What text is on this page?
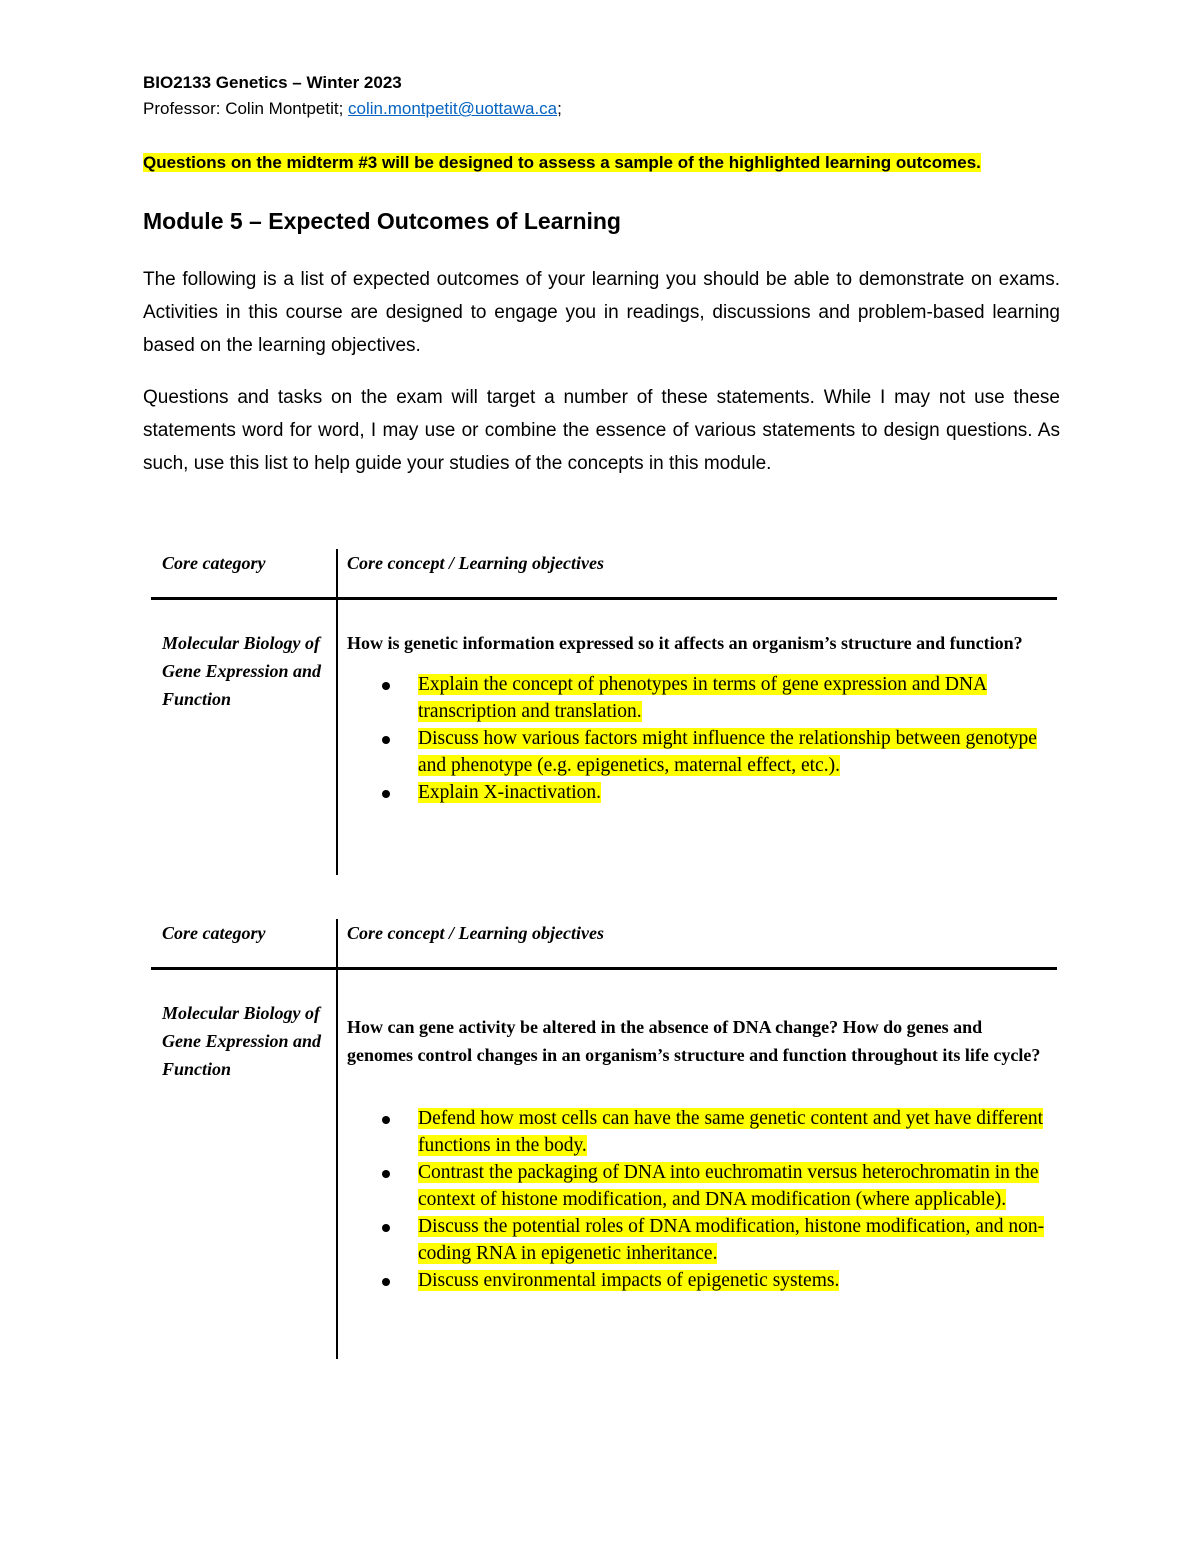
BIO2133 Genetics – Winter 2023

Professor: Colin Montpetit; colin.montpetit@uottawa.ca;

Questions on the midterm #3 will be designed to assess a sample of the highlighted learning outcomes.
Module 5 – Expected Outcomes of Learning

The following is a list of expected outcomes of your learning you should be able to demonstrate on exams. Activities in this course are designed to engage you in readings, discussions and problem-based learning based on the learning objectives.

Questions and tasks on the exam will target a number of these statements. While I may not use these statements word for word, I may use or combine the essence of various statements to design questions. As such, use this list to help guide your studies of the concepts in this module.

Core category	Core concept / Learning objectives
Molecular Biology of Gene Expression and Function

How is genetic information expressed so it affects an organism’s structure and function?

Explain the concept of phenotypes in terms of gene expression and DNA transcription and translation.
Discuss how various factors might influence the relationship between genotype and phenotype (e.g. epigenetics, maternal effect, etc.).
Explain X-inactivation.
Core category	Core concept / Learning objectives
Molecular Biology of Gene Expression and Function

How can gene activity be altered in the absence of DNA change? How do genes and genomes control changes in an organism’s structure and function throughout its life cycle?

Defend how most cells can have the same genetic content and yet have different functions in the body.
Contrast the packaging of DNA into euchromatin versus heterochromatin in the context of histone modification, and DNA modification (where applicable).
Discuss the potential roles of DNA modification, histone modification, and non-coding RNA in epigenetic inheritance.
Discuss environmental impacts of epigenetic systems.
